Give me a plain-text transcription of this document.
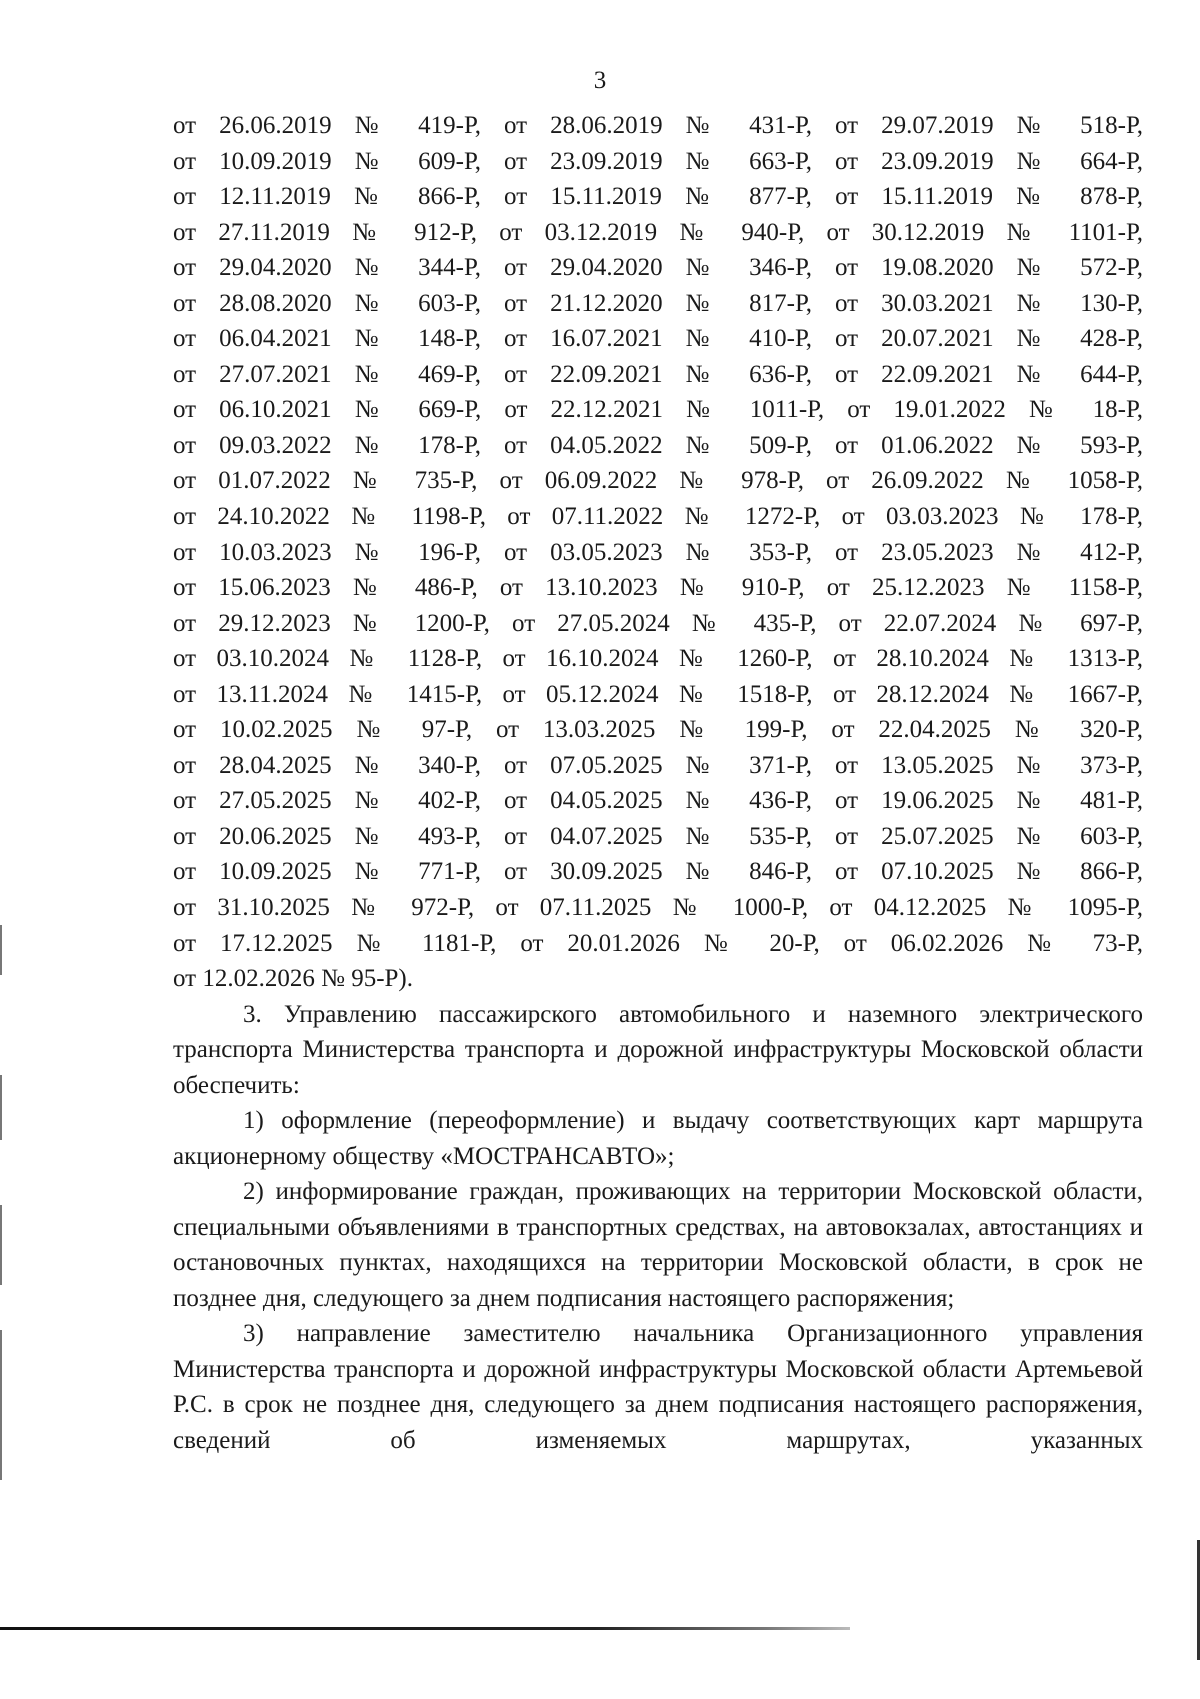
3
от 26.06.2019 № 419-Р, от 28.06.2019 № 431-Р, от 29.07.2019 № 518-Р,
от 10.09.2019 № 609-Р, от 23.09.2019 № 663-Р, от 23.09.2019 № 664-Р,
от 12.11.2019 № 866-Р, от 15.11.2019 № 877-Р, от 15.11.2019 № 878-Р,
от 27.11.2019 № 912-Р, от 03.12.2019 № 940-Р, от 30.12.2019 № 1101-Р,
от 29.04.2020 № 344-Р, от 29.04.2020 № 346-Р, от 19.08.2020 № 572-Р,
от 28.08.2020 № 603-Р, от 21.12.2020 № 817-Р, от 30.03.2021 № 130-Р,
от 06.04.2021 № 148-Р, от 16.07.2021 № 410-Р, от 20.07.2021 № 428-Р,
от 27.07.2021 № 469-Р, от 22.09.2021 № 636-Р, от 22.09.2021 № 644-Р,
от 06.10.2021 № 669-Р, от 22.12.2021 № 1011-Р, от 19.01.2022 № 18-Р,
от 09.03.2022 № 178-Р, от 04.05.2022 № 509-Р, от 01.06.2022 № 593-Р,
от 01.07.2022 № 735-Р, от 06.09.2022 № 978-Р, от 26.09.2022 № 1058-Р,
от 24.10.2022 № 1198-Р, от 07.11.2022 № 1272-Р, от 03.03.2023 № 178-Р,
от 10.03.2023 № 196-Р, от 03.05.2023 № 353-Р, от 23.05.2023 № 412-Р,
от 15.06.2023 № 486-Р, от 13.10.2023 № 910-Р, от 25.12.2023 № 1158-Р,
от 29.12.2023 № 1200-Р, от 27.05.2024 № 435-Р, от 22.07.2024 № 697-Р,
от 03.10.2024 № 1128-Р, от 16.10.2024 № 1260-Р, от 28.10.2024 № 1313-Р,
от 13.11.2024 № 1415-Р, от 05.12.2024 № 1518-Р, от 28.12.2024 № 1667-Р,
от 10.02.2025 № 97-Р, от 13.03.2025 № 199-Р, от 22.04.2025 № 320-Р,
от 28.04.2025 № 340-Р, от 07.05.2025 № 371-Р, от 13.05.2025 № 373-Р,
от 27.05.2025 № 402-Р, от 04.05.2025 № 436-Р, от 19.06.2025 № 481-Р,
от 20.06.2025 № 493-Р, от 04.07.2025 № 535-Р, от 25.07.2025 № 603-Р,
от 10.09.2025 № 771-Р, от 30.09.2025 № 846-Р, от 07.10.2025 № 866-Р,
от 31.10.2025 № 972-Р, от 07.11.2025 № 1000-Р, от 04.12.2025 № 1095-Р,
от 17.12.2025 № 1181-Р, от 20.01.2026 № 20-Р, от 06.02.2026 № 73-Р,
от 12.02.2026 № 95-Р).

3. Управлению пассажирского автомобильного и наземного электрического транспорта Министерства транспорта и дорожной инфраструктуры Московской области обеспечить:

1) оформление (переоформление) и выдачу соответствующих карт маршрута акционерному обществу «МОСТРАНСАВТО»;

2) информирование граждан, проживающих на территории Московской области, специальными объявлениями в транспортных средствах, на автовокзалах, автостанциях и остановочных пунктах, находящихся на территории Московской области, в срок не позднее дня, следующего за днем подписания настоящего распоряжения;

3) направление заместителю начальника Организационного управления Министерства транспорта и дорожной инфраструктуры Московской области Артемьевой Р.С. в срок не позднее дня, следующего за днем подписания настоящего распоряжения, сведений об изменяемых маршрутах, указанных
